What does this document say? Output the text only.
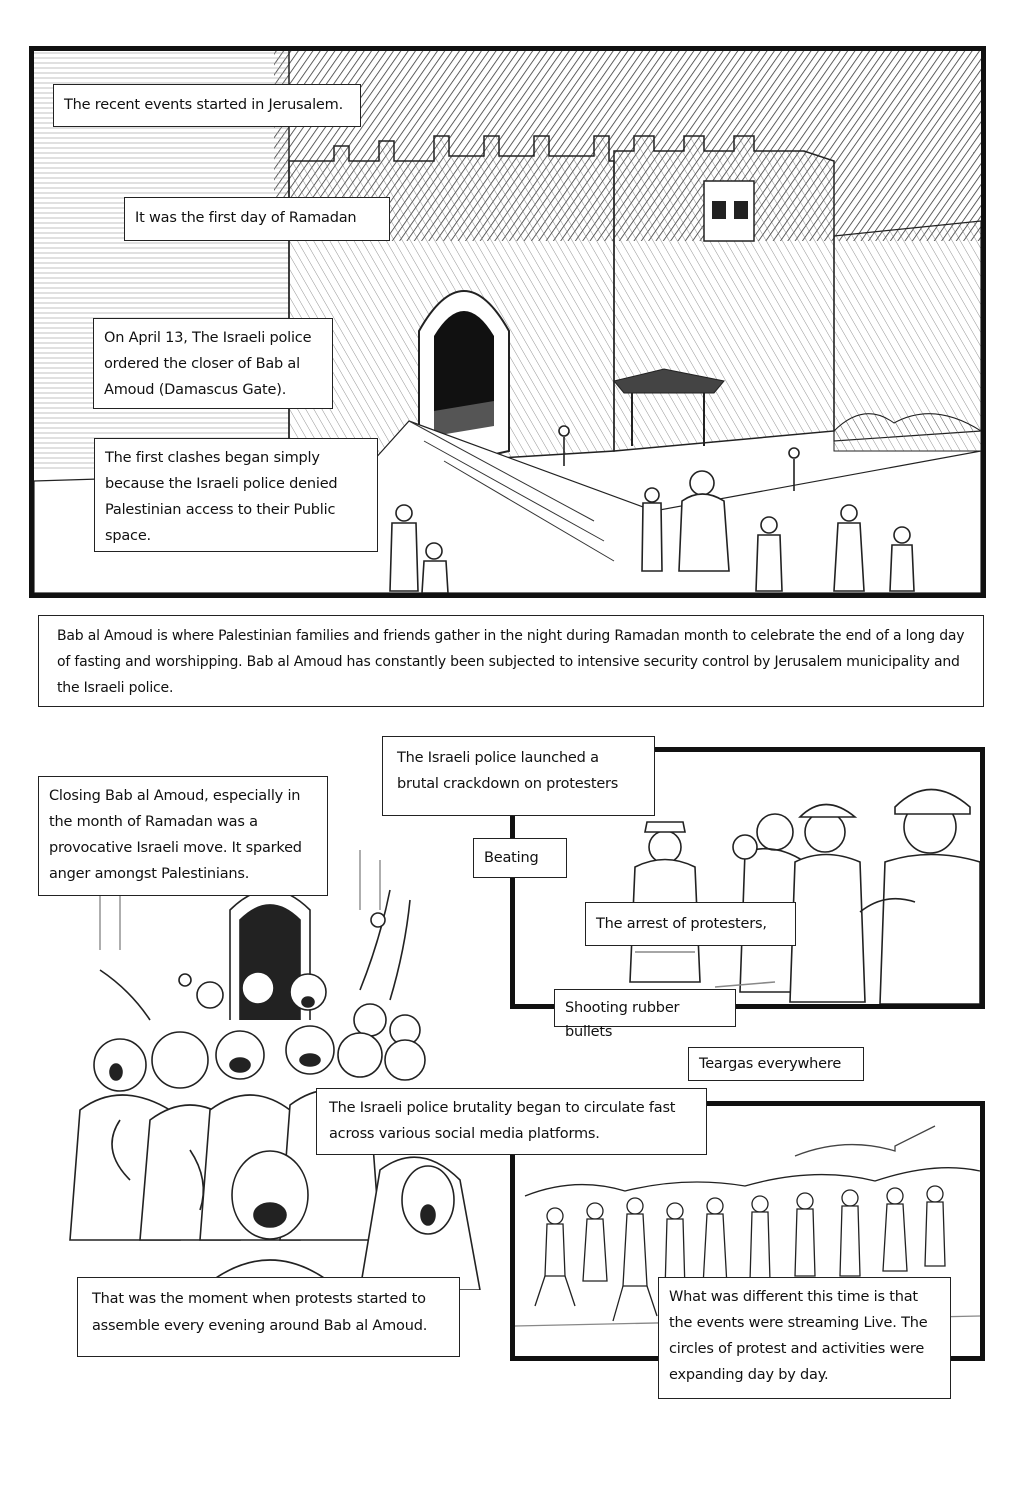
The recent events started in Jerusalem.
It was the first day of Ramadan
On April 13, The Israeli police ordered the closer of Bab al Amoud (Damascus Gate).
The first clashes began simply because the Israeli police denied Palestinian access to their Public space.
Bab al Amoud is where Palestinian families and friends gather in the night during Ramadan month to celebrate the end of a long day of fasting and worshipping. Bab al Amoud has constantly been subjected to intensive security control by Jerusalem municipality and the Israeli police.
Closing Bab al Amoud, especially in the month of Ramadan was a provocative Israeli move. It sparked anger amongst Palestinians.
That was the moment when protests started to assemble every evening around Bab al Amoud.
The Israeli police launched a brutal crackdown on protesters
Beating
The arrest of protesters,
Shooting rubber bullets
Teargas everywhere
The Israeli police brutality began to circulate fast across various social media platforms.
What was different this time is that the events were streaming Live. The circles of protest and activities were expanding day by day.
